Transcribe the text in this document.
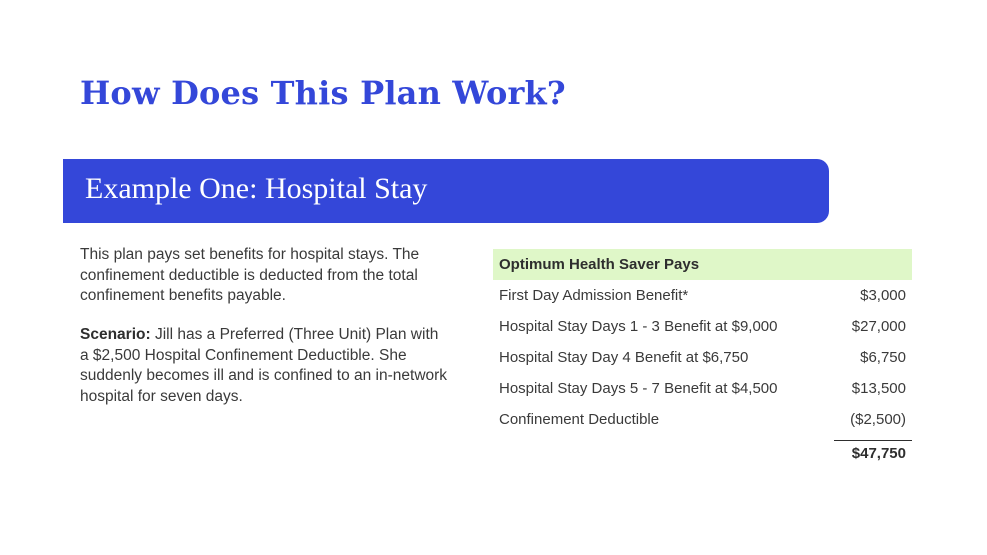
How Does This Plan Work?
Example One: Hospital Stay

This plan pays set benefits for hospital stays. The confinement deductible is deducted from the total confinement benefits payable.

Scenario: Jill has a Preferred (Three Unit) Plan with a $2,500 Hospital Confinement Deductible. She suddenly becomes ill and is confined to an in-network hospital for seven days.

Optimum Health Saver Pays
First Day Admission Benefit*	$3,000
Hospital Stay Days 1 - 3 Benefit at $9,000	$27,000
Hospital Stay Day 4 Benefit at $6,750	$6,750
Hospital Stay Days 5 - 7 Benefit at $4,500	$13,500
Confinement Deductible	($2,500)
$47,750
